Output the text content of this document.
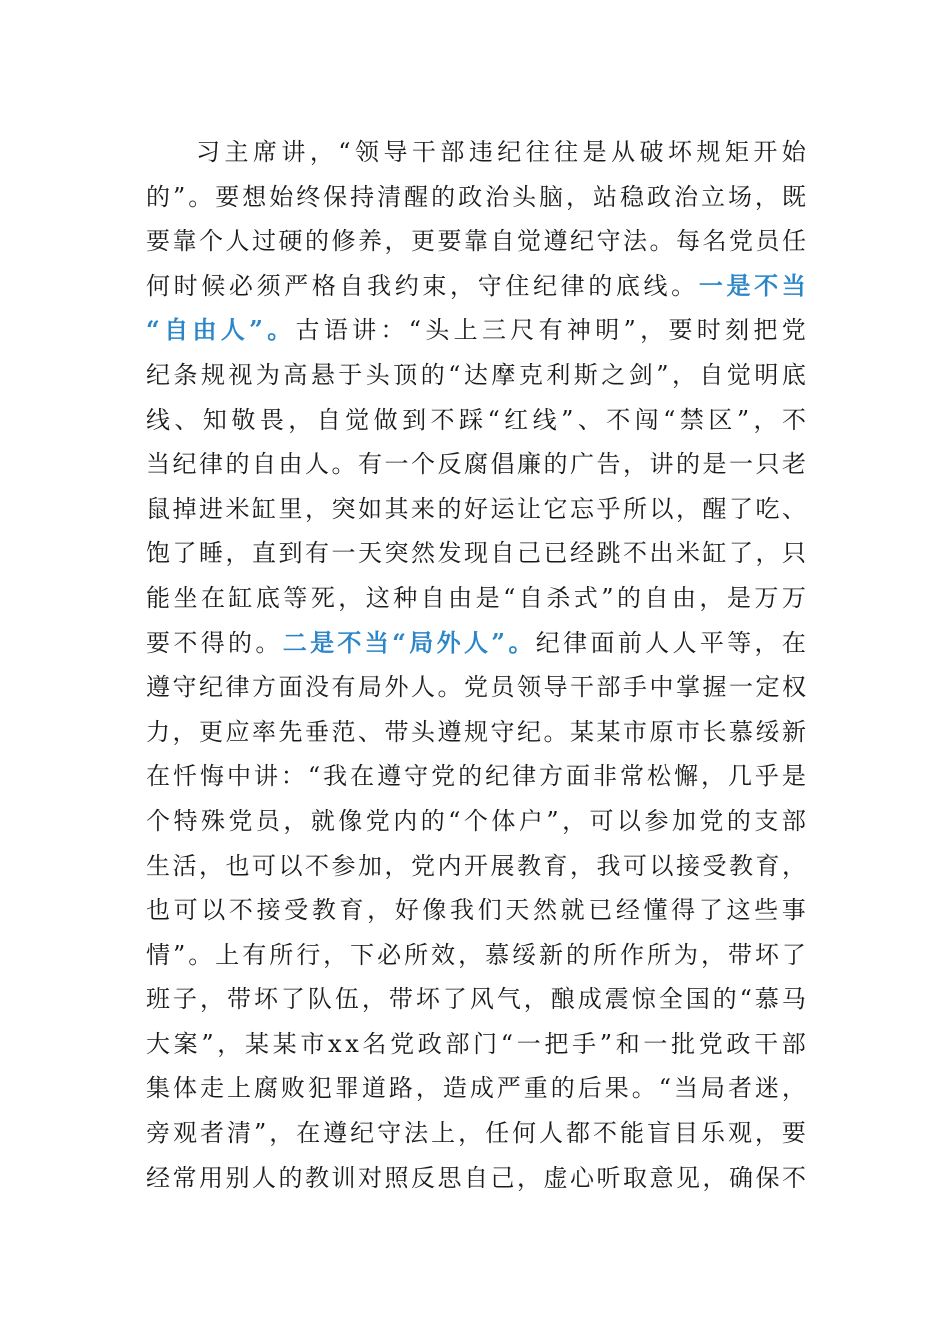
习 主 席 讲 ， “ 领 导 干 部 违 纪 往 往 是 从 破 坏 规 矩 开 始
的 ” 。 要 想 始 终 保 持 清 醒 的 政 治 头 脑 ， 站 稳 政 治 立 场 ， 既
要 靠 个 人 过 硬 的 修 养 ， 更 要 靠 自 觉 遵 纪 守 法 。 每 名 党 员 任
何 时 候 必 须 严 格 自 我 约 束 ， 守 住 纪 律 的 底 线 。 一 是 不 当
“ 自 由 人 ” 。 古 语 讲 ： “ 头 上 三 尺 有 神 明 ” ， 要 时 刻 把 党
纪 条 规 视 为 高 悬 于 头 顶 的 “ 达 摩 克 利 斯 之 剑 ” ， 自 觉 明 底
线 、 知 敬 畏 ， 自 觉 做 到 不 踩 “ 红 线 ” 、 不 闯 “ 禁 区 ” ， 不
当 纪 律 的 自 由 人 。 有 一 个 反 腐 倡 廉 的 广 告 ， 讲 的 是 一 只 老
鼠 掉 进 米 缸 里 ， 突 如 其 来 的 好 运 让 它 忘 乎 所 以 ， 醒 了 吃 、
饱 了 睡 ， 直 到 有 一 天 突 然 发 现 自 己 已 经 跳 不 出 米 缸 了 ， 只
能 坐 在 缸 底 等 死 ， 这 种 自 由 是 “ 自 杀 式 ” 的 自 由 ， 是 万 万
要 不 得 的 。 二 是 不 当 “ 局 外 人 ” 。 纪 律 面 前 人 人 平 等 ， 在
遵 守 纪 律 方 面 没 有 局 外 人 。 党 员 领 导 干 部 手 中 掌 握 一 定 权
力 ， 更 应 率 先 垂 范 、 带 头 遵 规 守 纪 。 某 某 市 原 市 长 慕 绥 新
在 忏 悔 中 讲 ： “ 我 在 遵 守 党 的 纪 律 方 面 非 常 松 懈 ， 几 乎 是
个 特 殊 党 员 ， 就 像 党 内 的 “ 个 体 户 ” ， 可 以 参 加 党 的 支 部
生 活 ， 也 可 以 不 参 加 ， 党 内 开 展 教 育 ， 我 可 以 接 受 教 育 ，
也 可 以 不 接 受 教 育 ， 好 像 我 们 天 然 就 已 经 懂 得 了 这 些 事
情 ” 。 上 有 所 行 ， 下 必 所 效 ， 慕 绥 新 的 所 作 所 为 ， 带 坏 了
班 子 ， 带 坏 了 队 伍 ， 带 坏 了 风 气 ， 酿 成 震 惊 全 国 的 “ 慕 马
大 案 ” ， 某 某 市 x x 名 党 政 部 门 “ 一 把 手 ” 和 一 批 党 政 干 部
集 体 走 上 腐 败 犯 罪 道 路 ， 造 成 严 重 的 后 果 。 “ 当 局 者 迷 ，
旁 观 者 清 ” ， 在 遵 纪 守 法 上 ， 任 何 人 都 不 能 盲 目 乐 观 ， 要
经 常 用 别 人 的 教 训 对 照 反 思 自 己 ， 虚 心 听 取 意 见 ， 确 保 不
